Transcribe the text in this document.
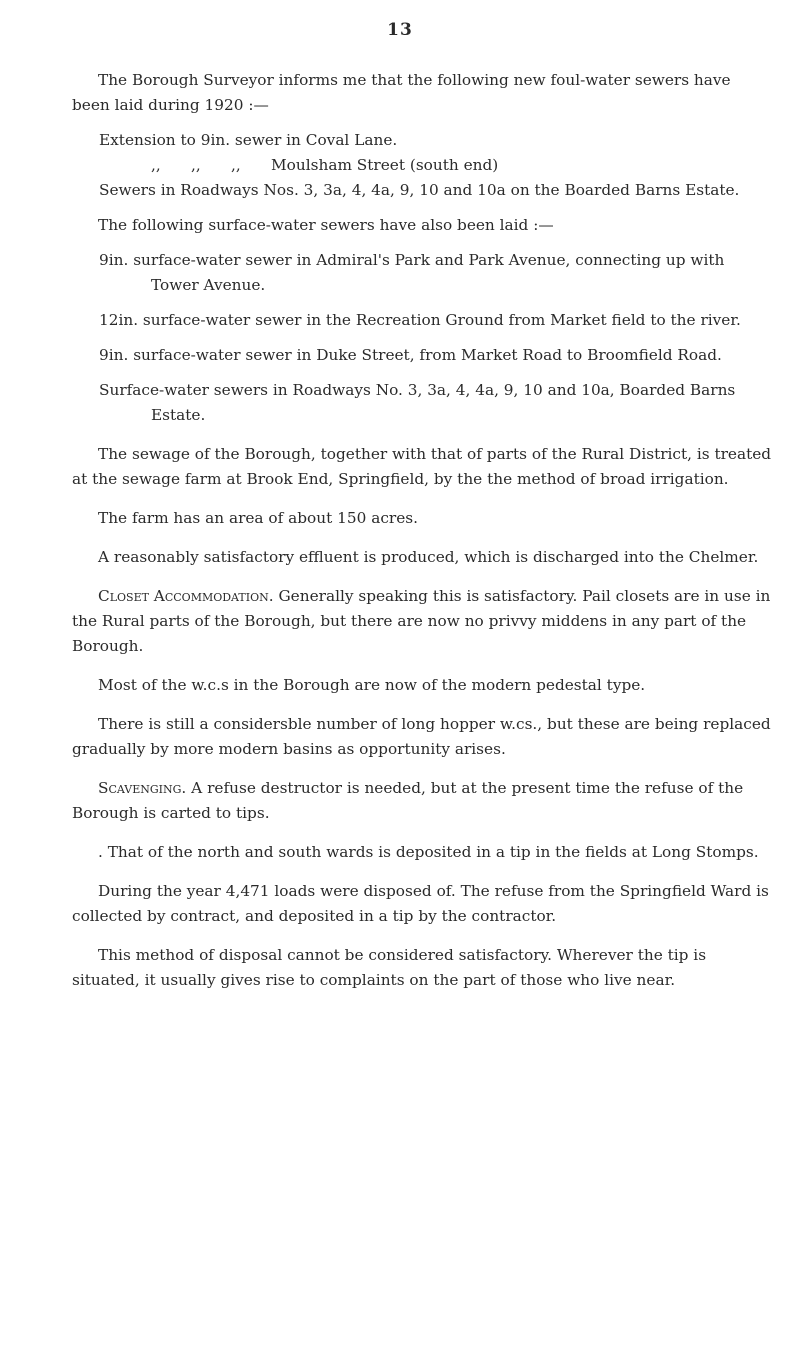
13

The Borough Surveyor informs me that the following new foul-water sewers have been laid during 1920 :—

Extension to 9in. sewer in Coval Lane.

,, ,, ,, Moulsham Street (south end)

Sewers in Roadways Nos. 3, 3a, 4, 4a, 9, 10 and 10a on the Boarded Barns Estate.

The following surface-water sewers have also been laid :—

9in. surface-water sewer in Admiral's Park and Park Avenue, connecting up with Tower Avenue.

12in. surface-water sewer in the Recreation Ground from Market field to the river.

9in. surface-water sewer in Duke Street, from Market Road to Broomfield Road.

Surface-water sewers in Roadways No. 3, 3a, 4, 4a, 9, 10 and 10a, Boarded Barns Estate.

The sewage of the Borough, together with that of parts of the Rural District, is treated at the sewage farm at Brook End, Springfield, by the the method of broad irrigation.

The farm has an area of about 150 acres.

A reasonably satisfactory effluent is produced, which is discharged into the Chelmer.

Closet Accommodation. Generally speaking this is satisfactory. Pail closets are in use in the Rural parts of the Borough, but there are now no privvy middens in any part of the Borough.

Most of the w.c.s in the Borough are now of the modern pedestal type.

There is still a considersble number of long hopper w.cs., but these are being replaced gradually by more modern basins as opportunity arises.

Scavenging. A refuse destructor is needed, but at the present time the refuse of the Borough is carted to tips.

. That of the north and south wards is deposited in a tip in the fields at Long Stomps.

During the year 4,471 loads were disposed of. The refuse from the Springfield Ward is collected by contract, and deposited in a tip by the contractor.

This method of disposal cannot be considered satisfactory. Wherever the tip is situated, it usually gives rise to complaints on the part of those who live near.
